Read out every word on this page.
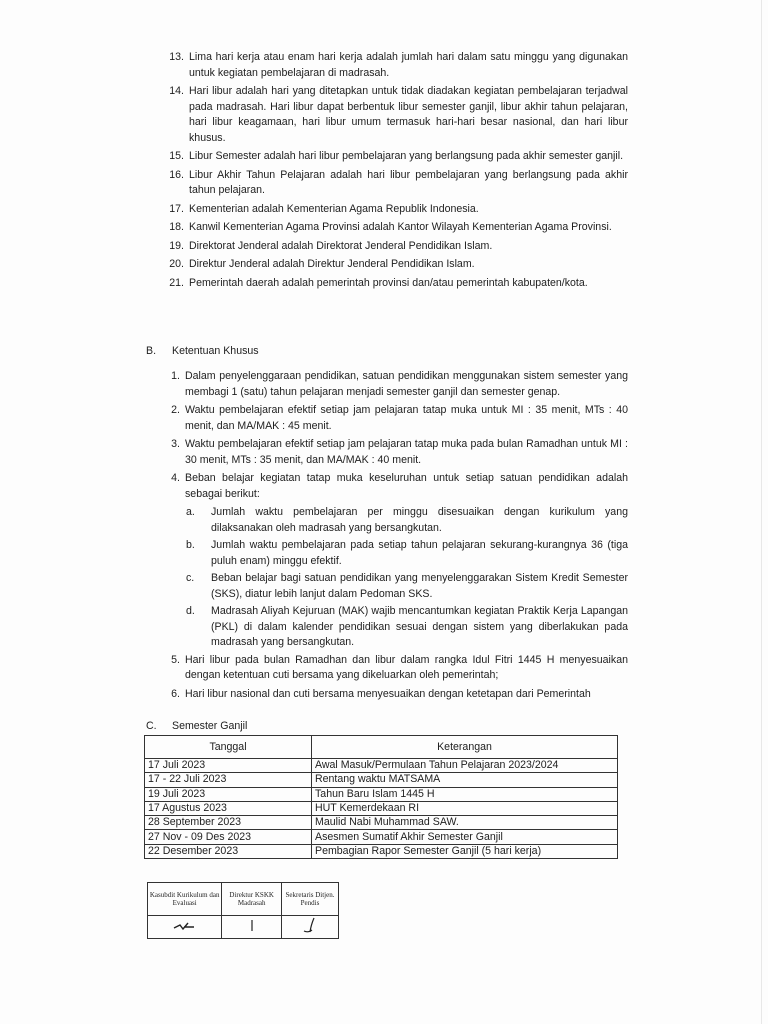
13. Lima hari kerja atau enam hari kerja adalah jumlah hari dalam satu minggu yang digunakan untuk kegiatan pembelajaran di madrasah.
14. Hari libur adalah hari yang ditetapkan untuk tidak diadakan kegiatan pembelajaran terjadwal pada madrasah. Hari libur dapat berbentuk libur semester ganjil, libur akhir tahun pelajaran, hari libur keagamaan, hari libur umum termasuk hari-hari besar nasional, dan hari libur khusus.
15. Libur Semester adalah hari libur pembelajaran yang berlangsung pada akhir semester ganjil.
16. Libur Akhir Tahun Pelajaran adalah hari libur pembelajaran yang berlangsung pada akhir tahun pelajaran.
17. Kementerian adalah Kementerian Agama Republik Indonesia.
18. Kanwil Kementerian Agama Provinsi adalah Kantor Wilayah Kementerian Agama Provinsi.
19. Direktorat Jenderal adalah Direktorat Jenderal Pendidikan Islam.
20. Direktur Jenderal adalah Direktur Jenderal Pendidikan Islam.
21. Pemerintah daerah adalah pemerintah provinsi dan/atau pemerintah kabupaten/kota.
B.	Ketentuan Khusus
1. Dalam penyelenggaraan pendidikan, satuan pendidikan menggunakan sistem semester yang membagi 1 (satu) tahun pelajaran menjadi semester ganjil dan semester genap.
2. Waktu pembelajaran efektif setiap jam pelajaran tatap muka untuk MI : 35 menit, MTs : 40 menit, dan MA/MAK : 45 menit.
3. Waktu pembelajaran efektif setiap jam pelajaran tatap muka pada bulan Ramadhan untuk MI : 30 menit, MTs : 35 menit, dan MA/MAK : 40 menit.
4. Beban belajar kegiatan tatap muka keseluruhan untuk setiap satuan pendidikan adalah sebagai berikut:
a.	Jumlah waktu pembelajaran per minggu disesuaikan dengan kurikulum yang dilaksanakan oleh madrasah yang bersangkutan.
b.	Jumlah waktu pembelajaran pada setiap tahun pelajaran sekurang-kurangnya 36 (tiga puluh enam) minggu efektif.
c.	Beban belajar bagi satuan pendidikan yang menyelenggarakan Sistem Kredit Semester (SKS), diatur lebih lanjut dalam Pedoman SKS.
d.	Madrasah Aliyah Kejuruan (MAK) wajib mencantumkan kegiatan Praktik Kerja Lapangan (PKL) di dalam kalender pendidikan sesuai dengan sistem yang diberlakukan pada madrasah yang bersangkutan.
5. Hari libur pada bulan Ramadhan dan libur dalam rangka Idul Fitri 1445 H menyesuaikan dengan ketentuan cuti bersama yang dikeluarkan oleh pemerintah;
6. Hari libur nasional dan cuti bersama menyesuaikan dengan ketetapan dari Pemerintah
C.	Semester Ganjil
Tanggal	Keterangan
17 Juli 2023	Awal Masuk/Permulaan Tahun Pelajaran 2023/2024
17 - 22 Juli 2023	Rentang waktu MATSAMA
19 Juli 2023	Tahun Baru Islam 1445 H
17 Agustus 2023	HUT Kemerdekaan RI
28 September 2023	Maulid Nabi Muhammad SAW.
27 Nov - 09 Des 2023	Asesmen Sumatif Akhir Semester Ganjil
22 Desember 2023	Pembagian Rapor Semester Ganjil (5 hari kerja)
Kasubdit Kurikulum dan Evaluasi	Direktur KSKK Madrasah	Sekretaris Ditjen. Pendis
